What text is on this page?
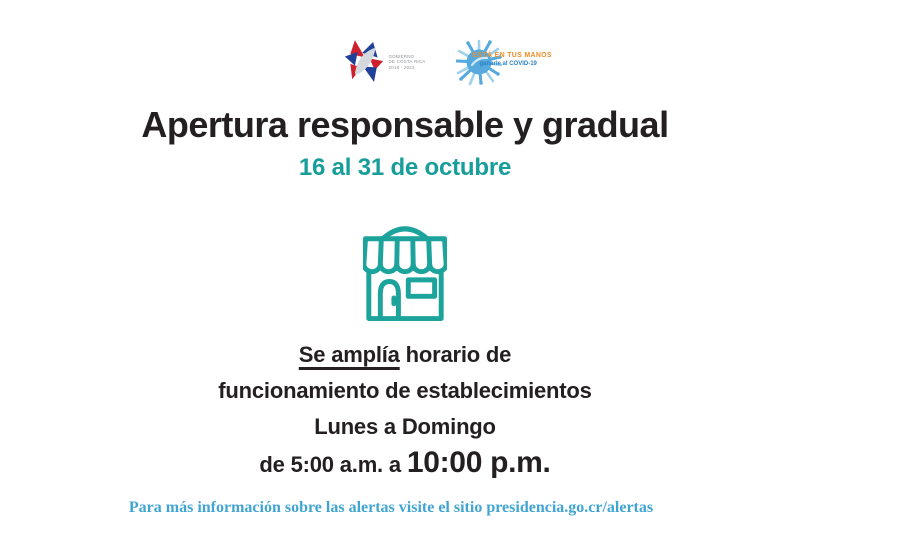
GOBIERNO
DE COSTA RICA
2018 - 2022
ESTÁ EN TUS MANOS
ganarle al COVID-19
Apertura responsable y gradual
16 al 31 de octubre
Se amplía horario de
funcionamiento de establecimientos
Lunes a Domingo
de 5:00 a.m. a 10:00 p.m.

Para más información sobre las alertas visite el sitio presidencia.go.cr/alertas
